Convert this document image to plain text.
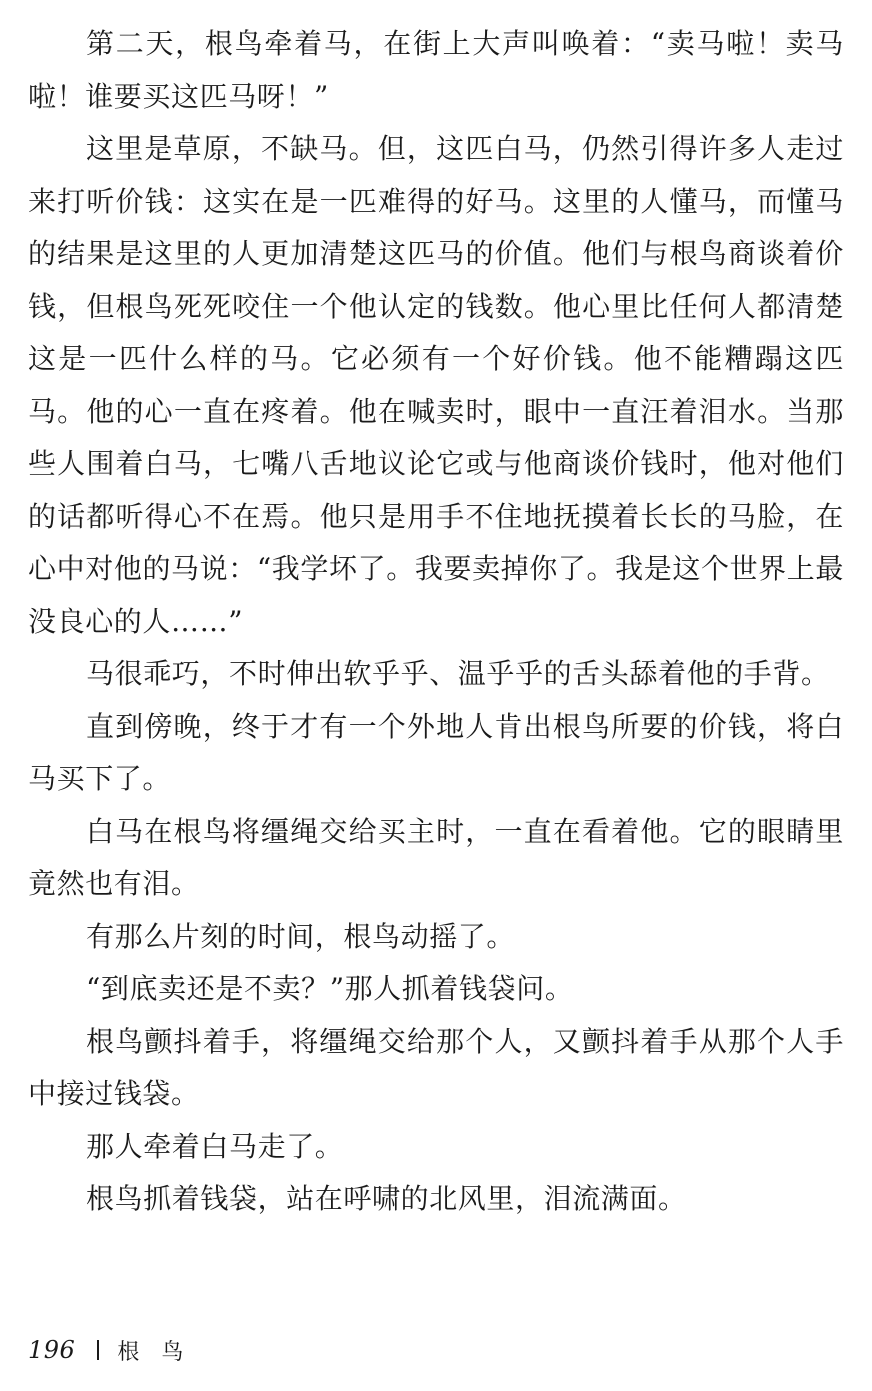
第二天，根鸟牵着马，在街上大声叫唤着：“卖马啦！卖马啦！谁要买这匹马呀！”

这里是草原，不缺马。但，这匹白马，仍然引得许多人走过来打听价钱：这实在是一匹难得的好马。这里的人懂马，而懂马的结果是这里的人更加清楚这匹马的价值。他们与根鸟商谈着价钱，但根鸟死死咬住一个他认定的钱数。他心里比任何人都清楚这是一匹什么样的马。它必须有一个好价钱。他不能糟蹋这匹马。他的心一直在疼着。他在喊卖时，眼中一直汪着泪水。当那些人围着白马，七嘴八舌地议论它或与他商谈价钱时，他对他们的话都听得心不在焉。他只是用手不住地抚摸着长长的马脸，在心中对他的马说：“我学坏了。我要卖掉你了。我是这个世界上最没良心的人……”

马很乖巧，不时伸出软乎乎、温乎乎的舌头舔着他的手背。

直到傍晚，终于才有一个外地人肯出根鸟所要的价钱，将白马买下了。

白马在根鸟将缰绳交给买主时，一直在看着他。它的眼睛里竟然也有泪。

有那么片刻的时间，根鸟动摇了。

“到底卖还是不卖？”那人抓着钱袋问。

根鸟颤抖着手，将缰绳交给那个人，又颤抖着手从那个人手中接过钱袋。

那人牵着白马走了。

根鸟抓着钱袋，站在呼啸的北风里，泪流满面。

196 根鸟
